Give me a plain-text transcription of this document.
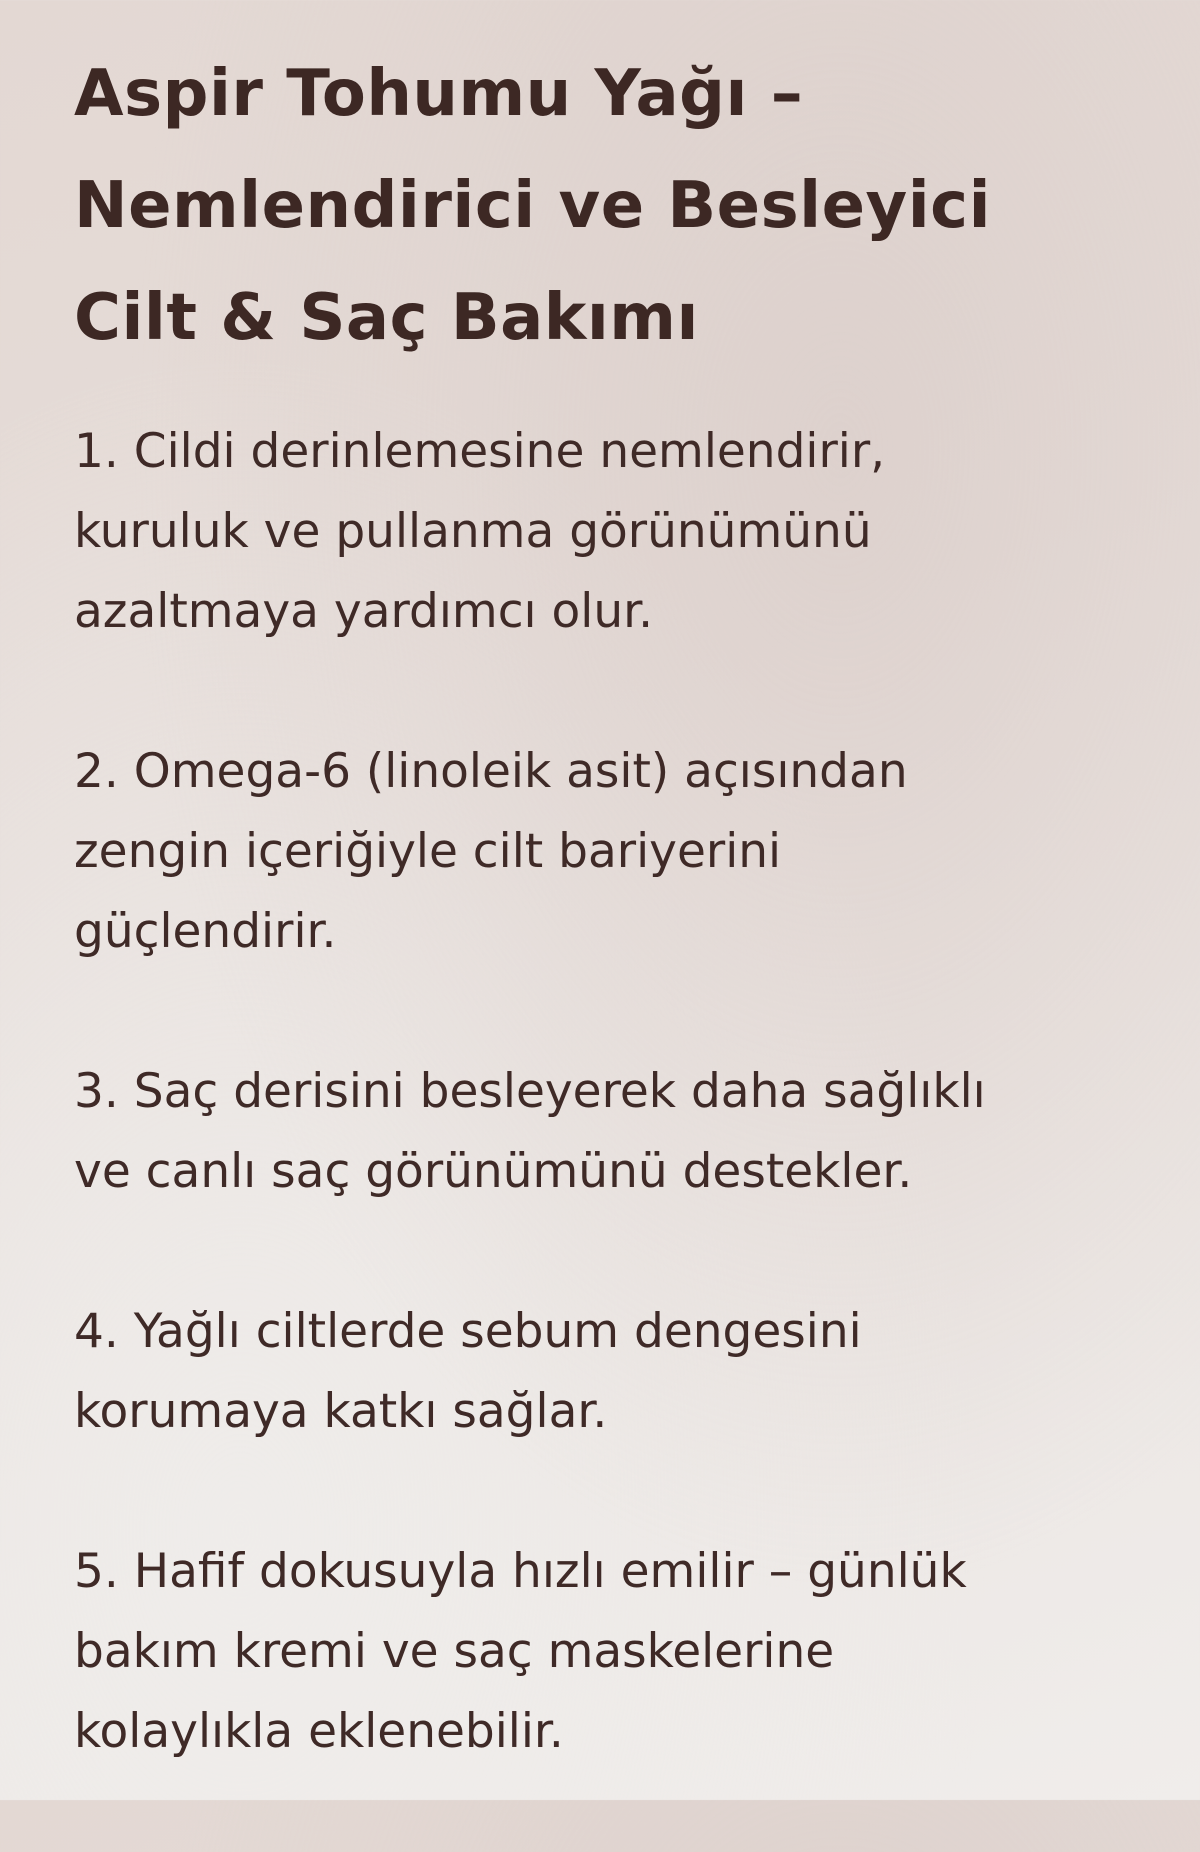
Aspir Tohumu Yağı –
Nemlendirici ve Besleyici
Cilt & Saç Bakımı
1. Cildi derinlemesine nemlendirir,
kuruluk ve pullanma görünümünü
azaltmaya yardımcı olur.
2. Omega-6 (linoleik asit) açısından
zengin içeriğiyle cilt bariyerini
güçlendirir.
3. Saç derisini besleyerek daha sağlıklı
ve canlı saç görünümünü destekler.
4. Yağlı ciltlerde sebum dengesini
korumaya katkı sağlar.
5. Hafif dokusuyla hızlı emilir – günlük
bakım kremi ve saç maskelerine
kolaylıkla eklenebilir.
